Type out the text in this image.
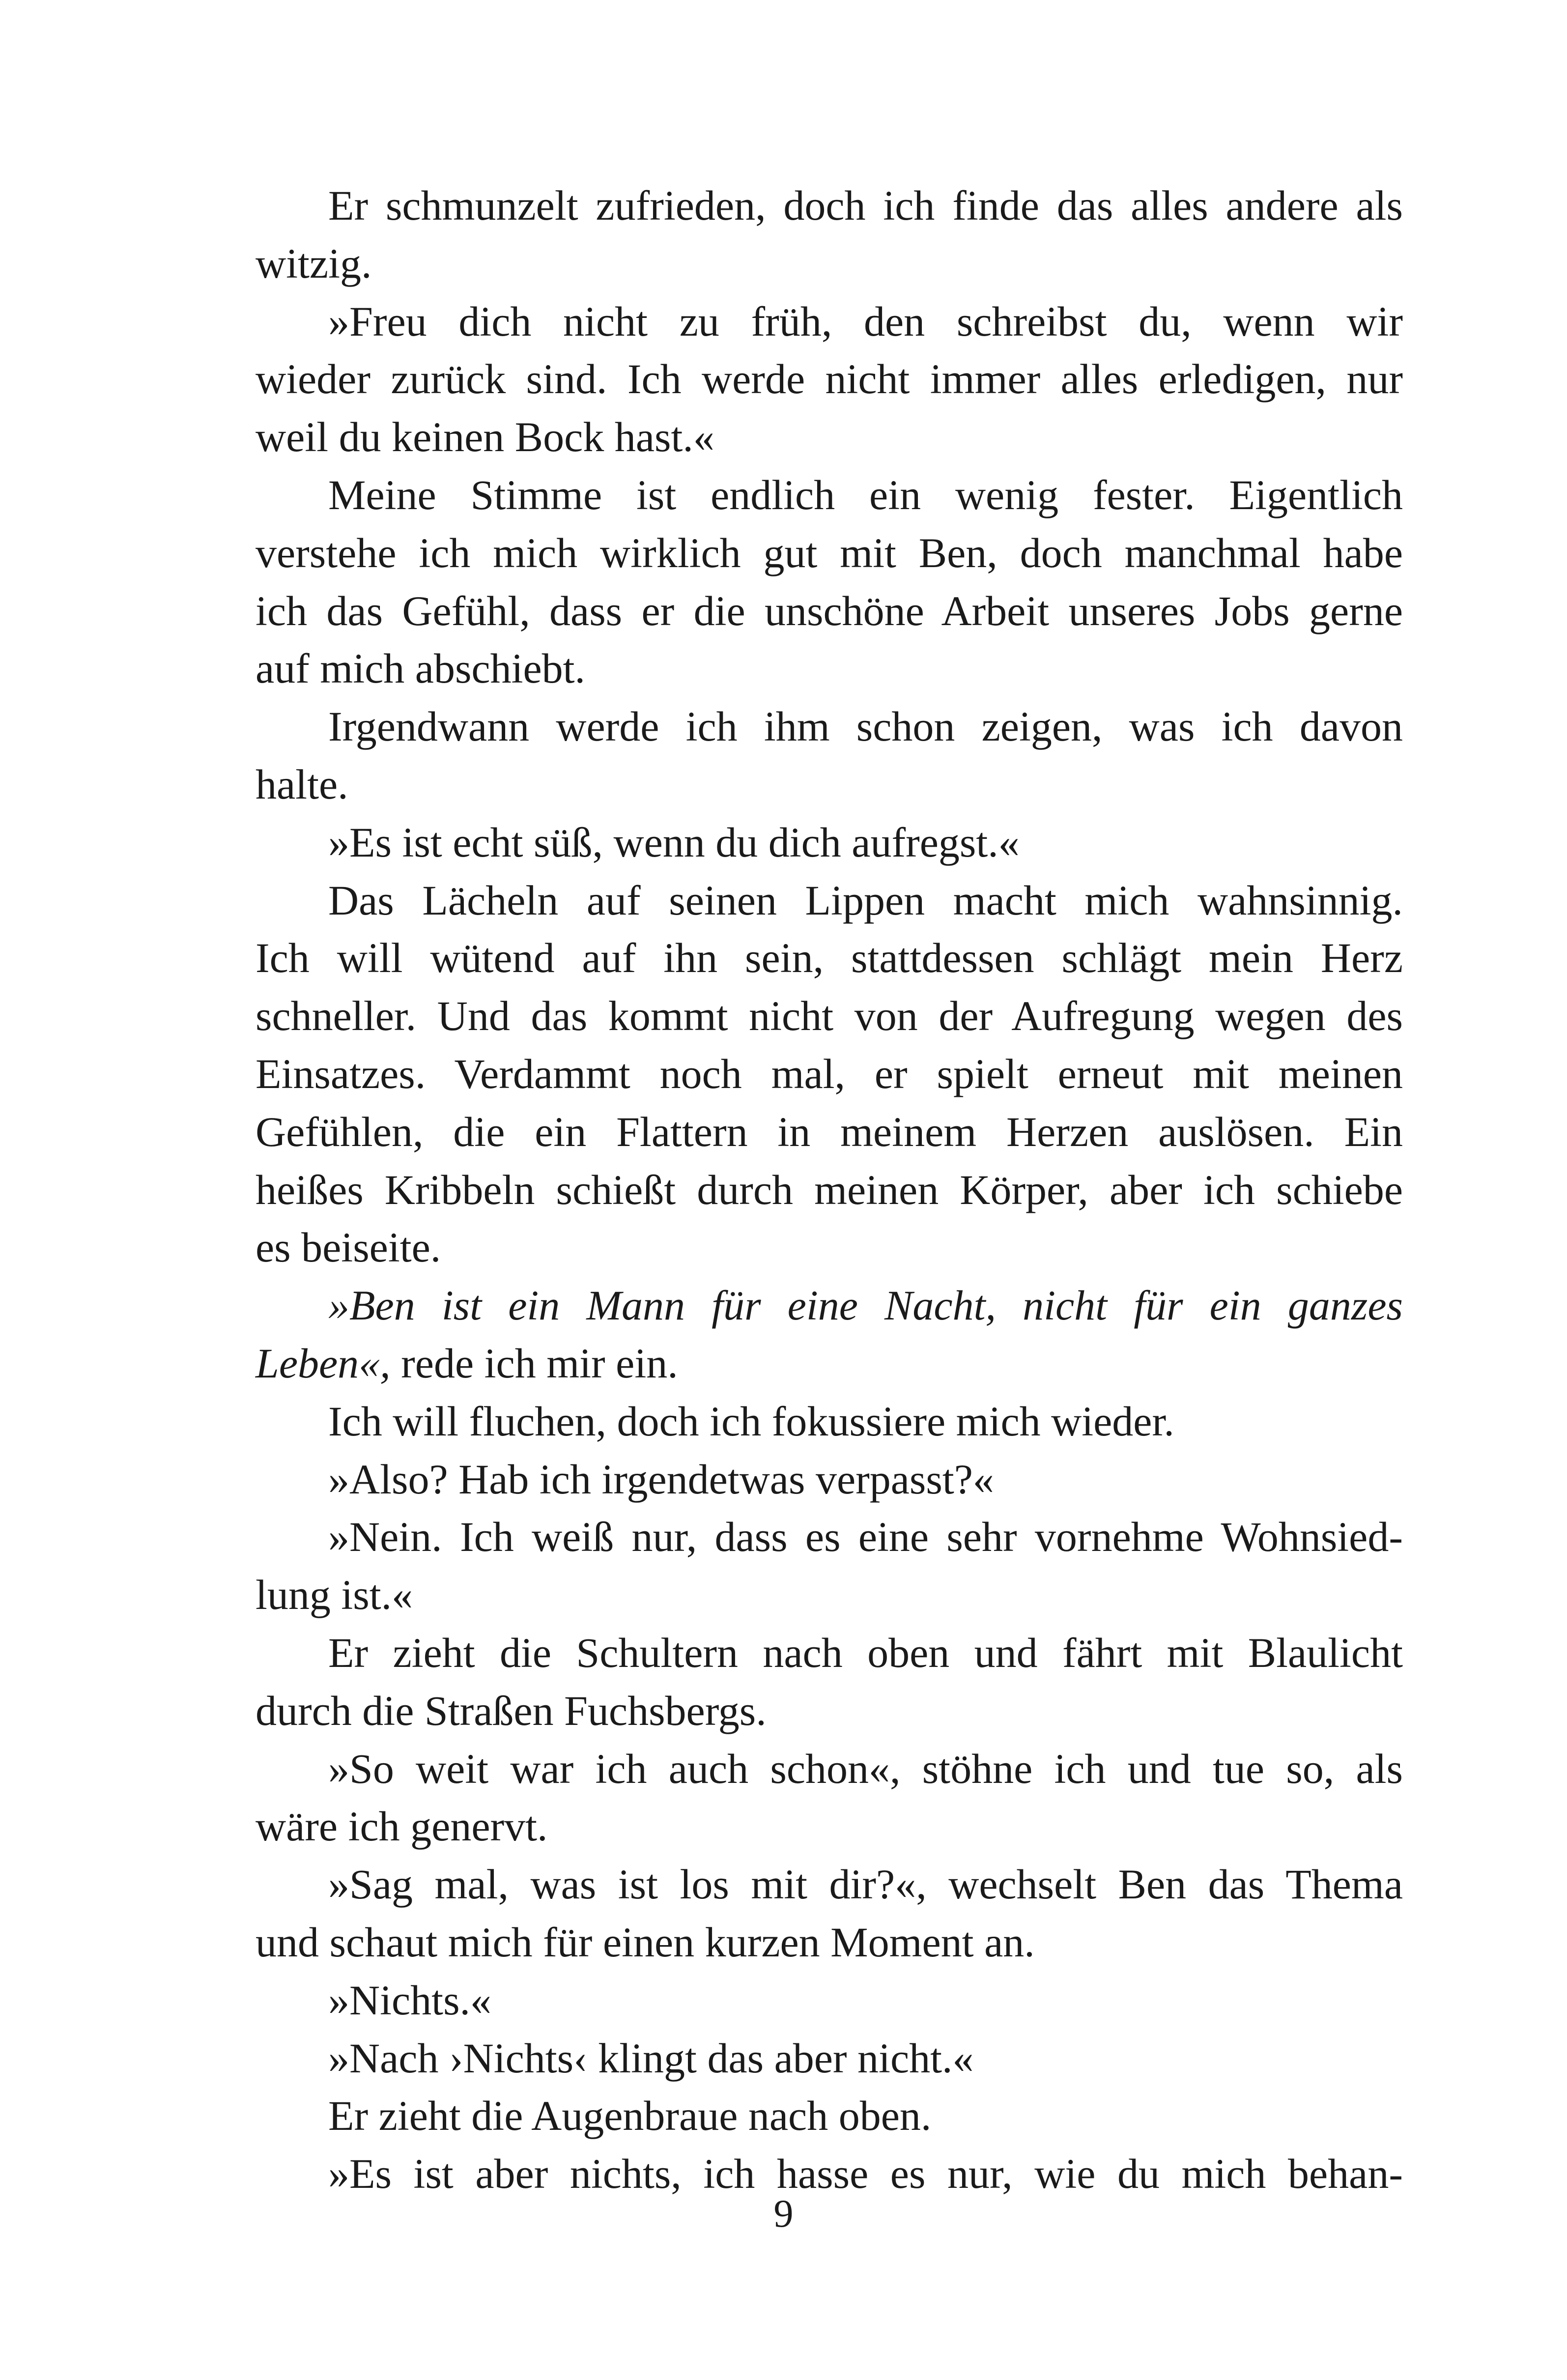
Er schmunzelt zufrieden, doch ich finde das alles andere als
witzig.
»Freu dich nicht zu früh, den schreibst du, wenn wir
wieder zurück sind. Ich werde nicht immer alles erledigen, nur
weil du keinen Bock hast.«
Meine Stimme ist endlich ein wenig fester. Eigentlich
verstehe ich mich wirklich gut mit Ben, doch manchmal habe
ich das Gefühl, dass er die unschöne Arbeit unseres Jobs gerne
auf mich abschiebt.
Irgendwann werde ich ihm schon zeigen, was ich davon
halte.
»Es ist echt süß, wenn du dich aufregst.«
Das Lächeln auf seinen Lippen macht mich wahnsinnig.
Ich will wütend auf ihn sein, stattdessen schlägt mein Herz
schneller. Und das kommt nicht von der Aufregung wegen des
Einsatzes. Verdammt noch mal, er spielt erneut mit meinen
Gefühlen, die ein Flattern in meinem Herzen auslösen. Ein
heißes Kribbeln schießt durch meinen Körper, aber ich schiebe
es beiseite.
»Ben ist ein Mann für eine Nacht, nicht für ein ganzes
Leben«, rede ich mir ein.
Ich will fluchen, doch ich fokussiere mich wieder.
»Also? Hab ich irgendetwas verpasst?«
»Nein. Ich weiß nur, dass es eine sehr vornehme Wohnsied-
lung ist.«
Er zieht die Schultern nach oben und fährt mit Blaulicht
durch die Straßen Fuchsbergs.
»So weit war ich auch schon«, stöhne ich und tue so, als
wäre ich genervt.
»Sag mal, was ist los mit dir?«, wechselt Ben das Thema
und schaut mich für einen kurzen Moment an.
»Nichts.«
»Nach ›Nichts‹ klingt das aber nicht.«
Er zieht die Augenbraue nach oben.
»Es ist aber nichts, ich hasse es nur, wie du mich behan-
9
